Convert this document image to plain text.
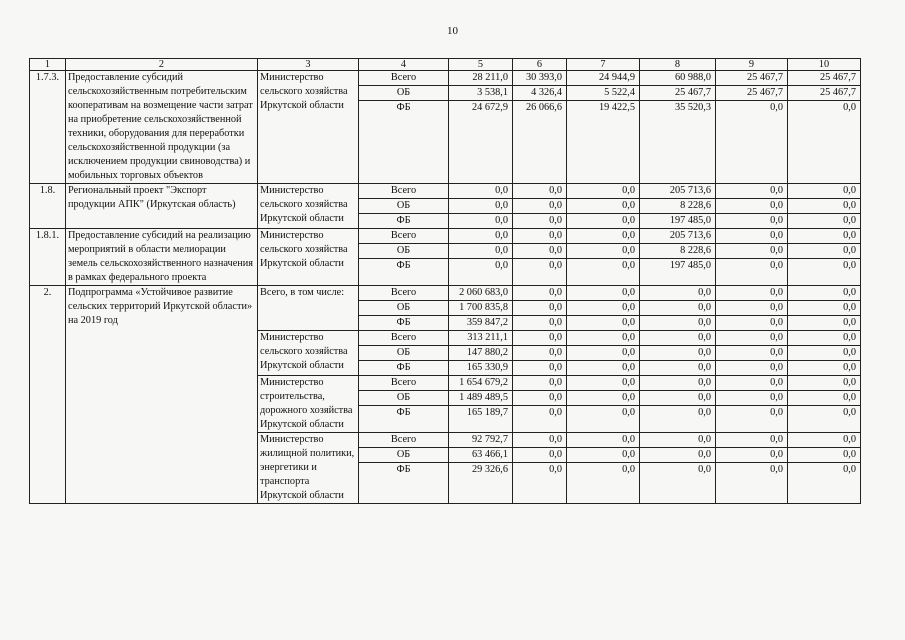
10
1	2	3	4	5	6	7	8	9	10
1.7.3.	Предоставление субсидий сельскохозяйственным потребительским кооперативам на возмещение части затрат на приобретение сельскохозяйственной техники, оборудования для переработки сельскохозяйственной продукции (за исключением продукции свиноводства) и мобильных торговых объектов	Министерство сельского хозяйства Иркутской области	Всего	28 211,0	30 393,0	24 944,9	60 988,0	25 467,7	25 467,7
			ОБ	3 538,1	4 326,4	5 522,4	25 467,7	25 467,7	25 467,7
			ФБ	24 672,9	26 066,6	19 422,5	35 520,3	0,0	0,0

1.8.	Региональный проект "Экспорт продукции АПК" (Иркутская область)	Министерство сельского хозяйства Иркутской области	Всего	0,0	0,0	0,0	205 713,6	0,0	0,0
			ОБ	0,0	0,0	0,0	8 228,6	0,0	0,0
			ФБ	0,0	0,0	0,0	197 485,0	0,0	0,0

1.8.1.	Предоставление субсидий на реализацию мероприятий в области мелиорации земель сельскохозяйственного назначения в рамках федерального проекта	Министерство сельского хозяйства Иркутской области	Всего	0,0	0,0	0,0	205 713,6	0,0	0,0
			ОБ	0,0	0,0	0,0	8 228,6	0,0	0,0
			ФБ	0,0	0,0	0,0	197 485,0	0,0	0,0

2.	Подпрограмма «Устойчивое развитие сельских территорий Иркутской области» на 2019 год	Всего, в том числе:	Всего	2 060 683,0	0,0	0,0	0,0	0,0	0,0
			ОБ	1 700 835,8	0,0	0,0	0,0	0,0	0,0
			ФБ	359 847,2	0,0	0,0	0,0	0,0	0,0
		Министерство сельского хозяйства Иркутской области	Всего	313 211,1	0,0	0,0	0,0	0,0	0,0
			ОБ	147 880,2	0,0	0,0	0,0	0,0	0,0
			ФБ	165 330,9	0,0	0,0	0,0	0,0	0,0
		Министерство строительства, дорожного хозяйства Иркутской области	Всего	1 654 679,2	0,0	0,0	0,0	0,0	0,0
			ОБ	1 489 489,5	0,0	0,0	0,0	0,0	0,0
			ФБ	165 189,7	0,0	0,0	0,0	0,0	0,0

		Министерство жилищной политики, энергетики и транспорта Иркутской области	Всего	92 792,7	0,0	0,0	0,0	0,0	0,0
			ОБ	63 466,1	0,0	0,0	0,0	0,0	0,0
			ФБ	29 326,6	0,0	0,0	0,0	0,0	0,0
